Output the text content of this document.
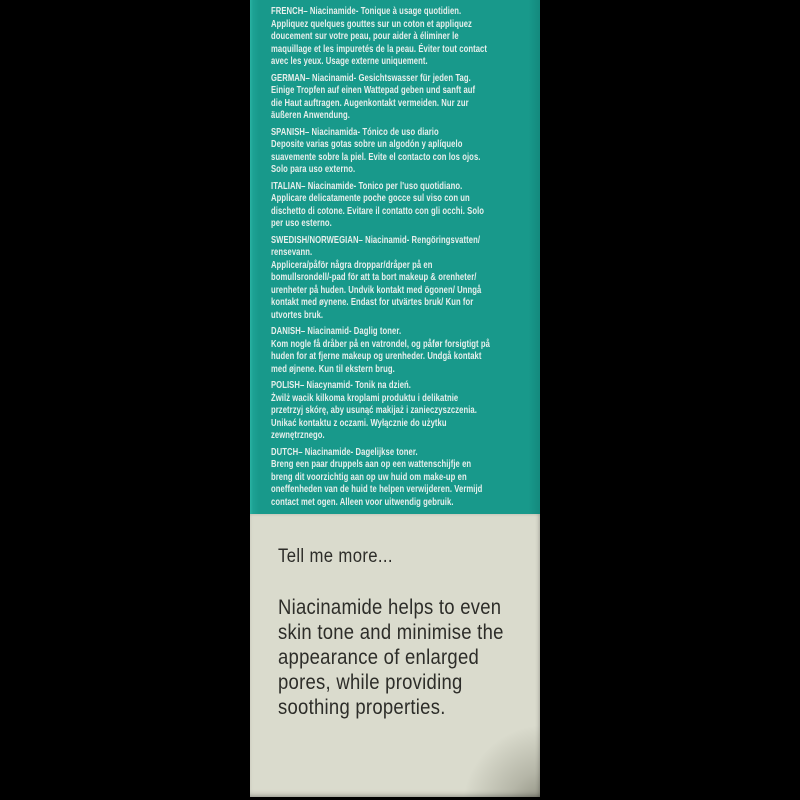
FRENCH– Niacinamide- Tonique à usage quotidien.
Appliquez quelques gouttes sur un coton et appliquez
doucement sur votre peau, pour aider à éliminer le
maquillage et les impuretés de la peau. Éviter tout contact
avec les yeux. Usage externe uniquement.
GERMAN– Niacinamid- Gesichtswasser für jeden Tag.
Einige Tropfen auf einen Wattepad geben und sanft auf
die Haut auftragen. Augenkontakt vermeiden. Nur zur
äußeren Anwendung.
SPANISH– Niacinamida- Tónico de uso diario
Deposite varias gotas sobre un algodón y aplíquelo
suavemente sobre la piel. Evite el contacto con los ojos.
Solo para uso externo.
ITALIAN– Niacinamide- Tonico per l'uso quotidiano.
Applicare delicatamente poche gocce sul viso con un
dischetto di cotone. Evitare il contatto con gli occhi. Solo
per uso esterno.
SWEDISH/NORWEGIAN– Niacinamid- Rengöringsvatten/
rensevann.
Applicera/påför några droppar/dråper på en
bomullsrondell/-pad för att ta bort makeup & orenheter/
urenheter på huden. Undvik kontakt med ögonen/ Unngå
kontakt med øynene. Endast for utvärtes bruk/ Kun for
utvortes bruk.
DANISH– Niacinamid- Daglig toner.
Kom nogle få dråber på en vatrondel, og påfør forsigtigt på
huden for at fjerne makeup og urenheder. Undgå kontakt
med øjnene. Kun til ekstern brug.
POLISH– Niacynamid- Tonik na dzień.
Żwilż wacik kilkoma kroplami produktu i delikatnie
przetrzyj skórę, aby usunąć makijaż i zanieczyszczenia.
Unikać kontaktu z oczami. Wyłącznie do użytku
zewnętrznego.
DUTCH– Niacinamide- Dagelijkse toner.
Breng een paar druppels aan op een wattenschijfje en
breng dit voorzichtig aan op uw huid om make-up en
oneffenheden van de huid te helpen verwijderen. Vermijd
contact met ogen. Alleen voor uitwendig gebruik.
Tell me more...
Niacinamide helps to even
skin tone and minimise the
appearance of enlarged
pores, while providing
soothing properties.
